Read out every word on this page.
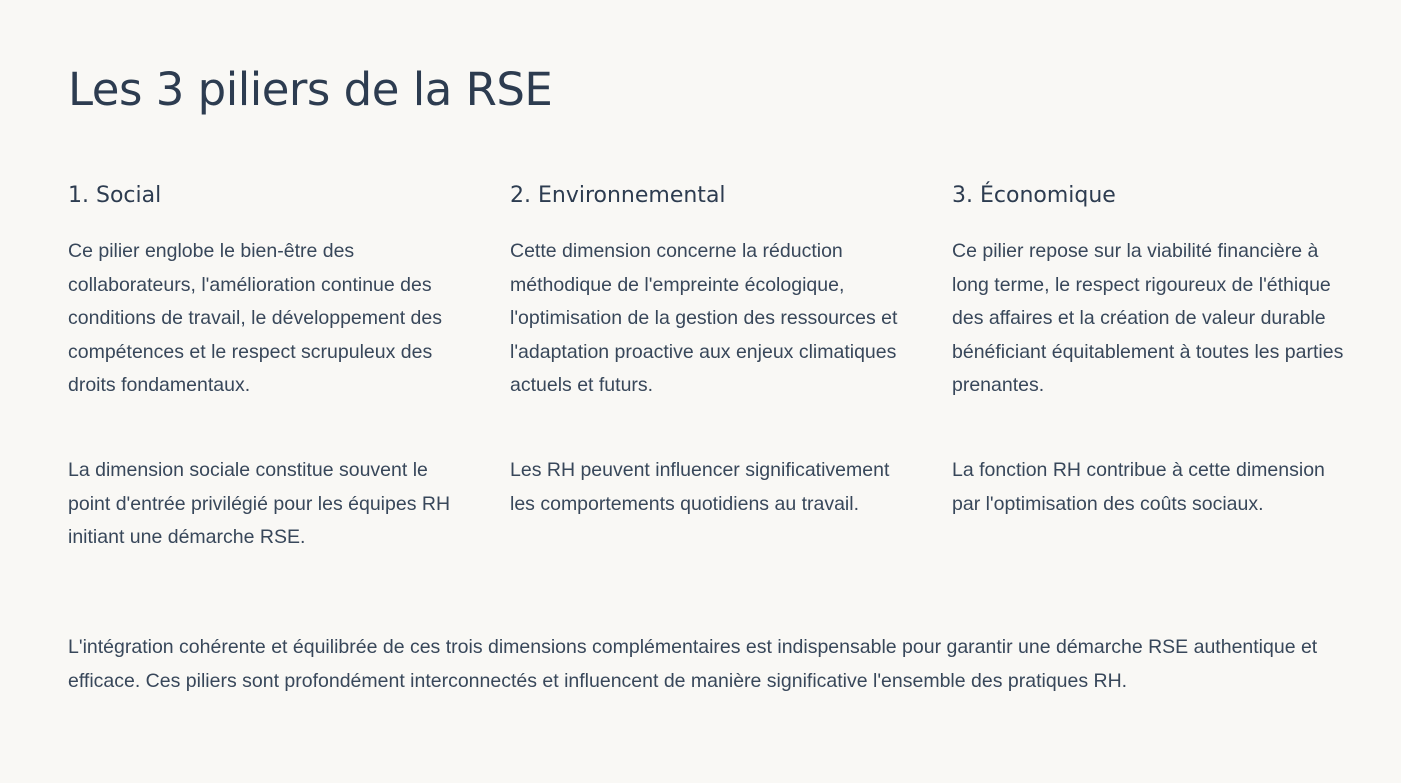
Les 3 piliers de la RSE
1. Social

Ce pilier englobe le bien-être des collaborateurs, l'amélioration continue des conditions de travail, le développement des compétences et le respect scrupuleux des droits fondamentaux.

La dimension sociale constitue souvent le point d'entrée privilégié pour les équipes RH initiant une démarche RSE.

2. Environnemental

Cette dimension concerne la réduction méthodique de l'empreinte écologique, l'optimisation de la gestion des ressources et l'adaptation proactive aux enjeux climatiques actuels et futurs.

Les RH peuvent influencer significativement les comportements quotidiens au travail.

3. Économique

Ce pilier repose sur la viabilité financière à long terme, le respect rigoureux de l'éthique des affaires et la création de valeur durable bénéficiant équitablement à toutes les parties prenantes.

La fonction RH contribue à cette dimension par l'optimisation des coûts sociaux.

L'intégration cohérente et équilibrée de ces trois dimensions complémentaires est indispensable pour garantir une démarche RSE authentique et efficace. Ces piliers sont profondément interconnectés et influencent de manière significative l'ensemble des pratiques RH.
